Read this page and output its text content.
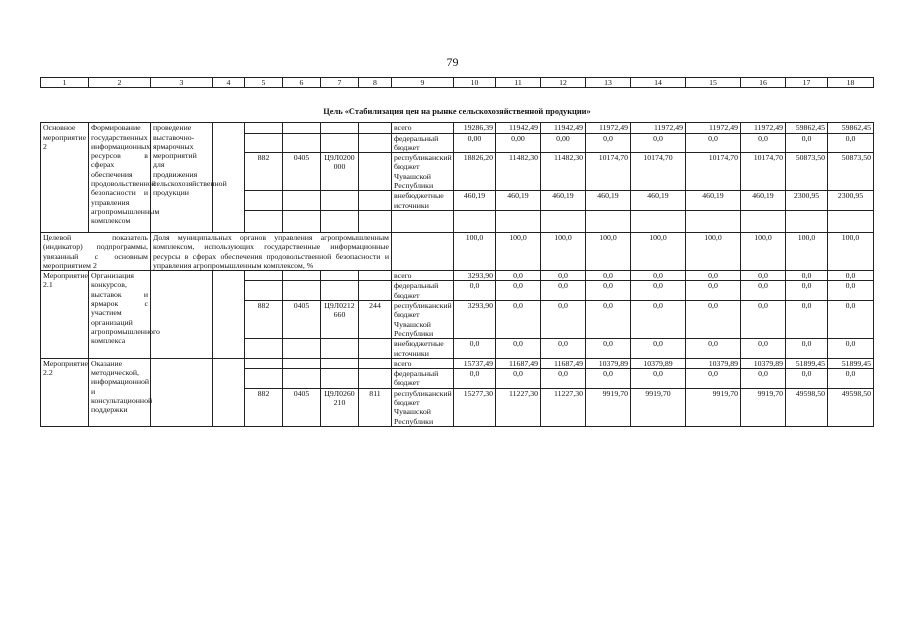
79
1	2	3	4	5	6	7	8	9	10	11	12	13	14	15	16	17	18
Цель «Стабилизация цен на рынке сельскохозяйственной продукции»																	
Основное мероприятие 2	Формирование государственных информационных ресурсов в сферах обеспечения продовольственной безопасности и управления агропромышленным комплексом	проведение выставочно-ярмарочных мероприятий для продвижения сельскохозяйственной продукции						всего	19286,39	11942,49	11942,49	11972,49	11972,49	11972,49	11972,49	59862,45	59862,45
								федеральный бюджет	0,00	0,00	0,00	0,0	0,0	0,0	0,0	0,0	0,0
				882	0405	Ц9Л0200000		республиканский бюджет Чувашской Республики	18826,20	11482,30	11482,30	10174,70	10174,70	10174,70	10174,70	50873,50	50873,50
								внебюджетные источники	460,19	460,19	460,19	460,19	460,19	460,19	460,19	2300,95	2300,95

Целевой показатель (индикатор) подпрограммы, увязанный с основным мероприятием 2		Доля муниципальных органов управления агропромышленным комплексом, использующих государственные информационные ресурсы в сферах обеспечения продовольственной безопасности и управления агропромышленным комплексом, %							100,0	100,0	100,0	100,0	100,0	100,0	100,0	100,0	100,0
Мероприятие 2.1	Организация конкурсов, выставок и ярмарок с участием организаций агропромышленного комплекса							всего	3293,90	0,0	0,0	0,0	0,0	0,0	0,0	0,0	0,0
								федеральный бюджет	0,0	0,0	0,0	0,0	0,0	0,0	0,0	0,0	0,0
				882	0405	Ц9Л0212660	244	республиканский бюджет Чувашской Республики	3293,90	0,0	0,0	0,0	0,0	0,0	0,0	0,0	0,0
								внебюджетные источники	0,0	0,0	0,0	0,0	0,0	0,0	0,0	0,0	0,0
Мероприятие 2.2	Оказание методической, информационной и консультационной поддержки							всего	15737,49	11687,49	11687,49	10379,89	10379,89	10379,89	10379,89	51899,45	51899,45
								федеральный бюджет	0,0	0,0	0,0	0,0	0,0	0,0	0,0	0,0	0,0
				882	0405	Ц9Л0260210	811	республиканский бюджет Чувашской Республики	15277,30	11227,30	11227,30	9919,70	9919,70	9919,70	9919,70	49598,50	49598,50
